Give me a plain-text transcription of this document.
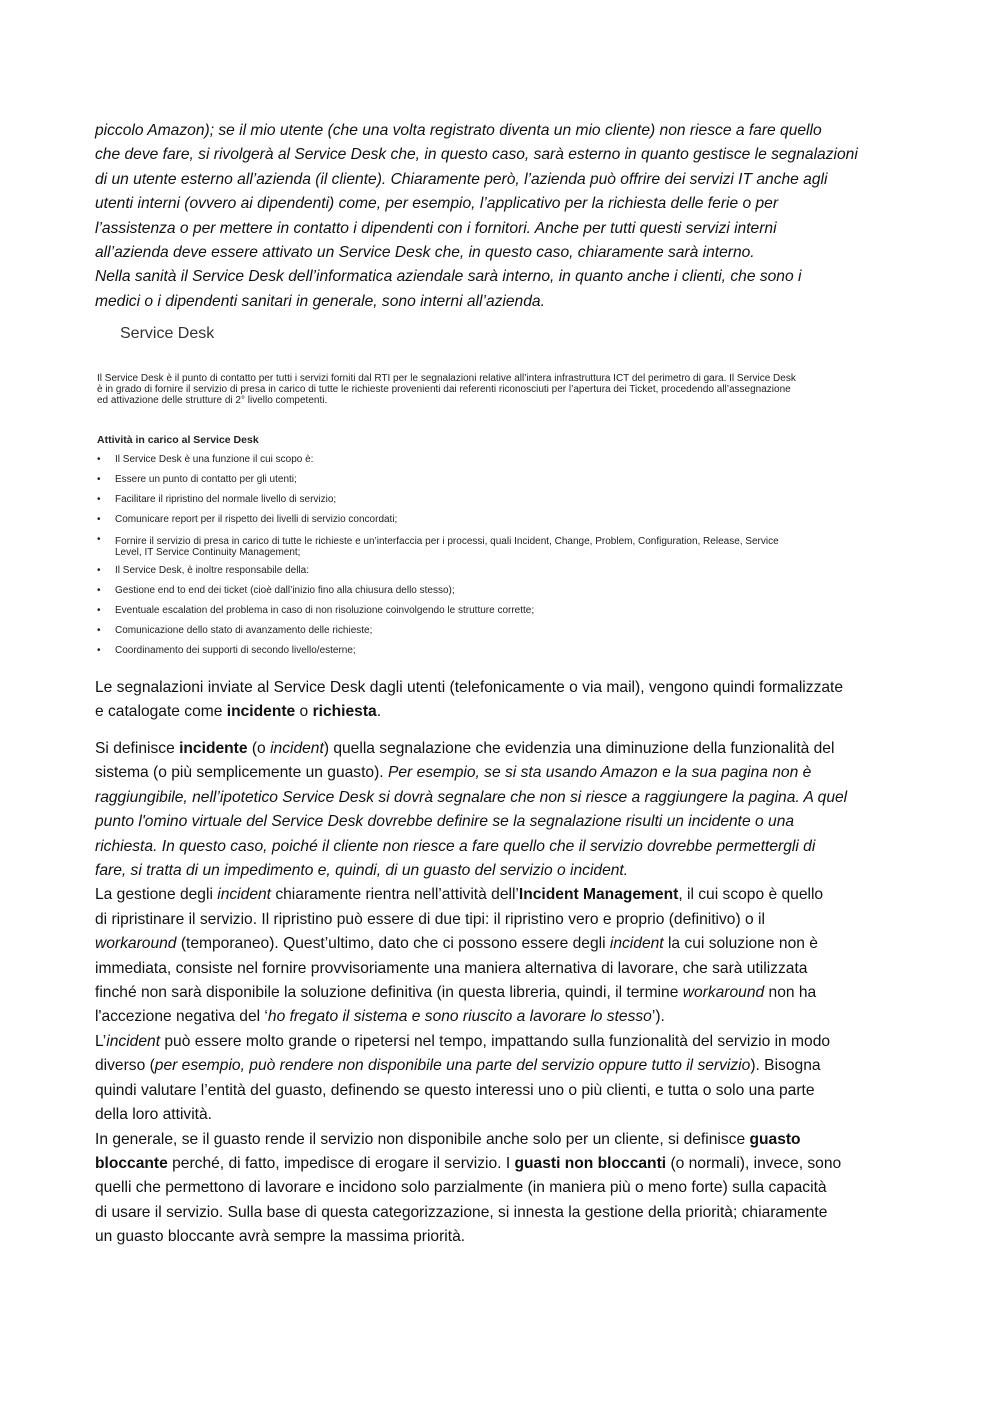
piccolo Amazon); se il mio utente (che una volta registrato diventa un mio cliente) non riesce a fare quello

che deve fare, si rivolgerà al Service Desk che, in questo caso, sarà esterno in quanto gestisce le segnalazioni

di un utente esterno all’azienda (il cliente). Chiaramente però, l’azienda può offrire dei servizi IT anche agli

utenti interni (ovvero ai dipendenti) come, per esempio, l’applicativo per la richiesta delle ferie o per

l’assistenza o per mettere in contatto i dipendenti con i fornitori. Anche per tutti questi servizi interni

all’azienda deve essere attivato un Service Desk che, in questo caso, chiaramente sarà interno.

Nella sanità il Service Desk dell’informatica aziendale sarà interno, in quanto anche i clienti, che sono i

medici o i dipendenti sanitari in generale, sono interni all’azienda.

Service Desk
Il Service Desk è il punto di contatto per tutti i servizi forniti dal RTI per le segnalazioni relative all’intera infrastruttura ICT del perimetro di gara. Il Service Desk
è in grado di fornire il servizio di presa in carico di tutte le richieste provenienti dai referenti riconosciuti per l’apertura dei Ticket, procedendo all’assegnazione
ed attivazione delle strutture di 2° livello competenti.
Attività in carico al Service Desk
• Il Service Desk è una funzione il cui scopo è:
• Essere un punto di contatto per gli utenti;
• Facilitare il ripristino del normale livello di servizio;
• Comunicare report per il rispetto dei livelli di servizio concordati;
• Fornire il servizio di presa in carico di tutte le richieste e un’interfaccia per i processi, quali Incident, Change, Problem, Configuration, Release, Service
Level, IT Service Continuity Management;
• Il Service Desk, è inoltre responsabile della:
• Gestione end to end dei ticket (cioè dall’inizio fino alla chiusura dello stesso);
• Eventuale escalation del problema in caso di non risoluzione coinvolgendo le strutture corrette;
• Comunicazione dello stato di avanzamento delle richieste;
• Coordinamento dei supporti di secondo livello/esterne;

Le segnalazioni inviate al Service Desk dagli utenti (telefonicamente o via mail), vengono quindi formalizzate

e catalogate come incidente o richiesta.

Si definisce incidente (o incident) quella segnalazione che evidenzia una diminuzione della funzionalità del

sistema (o più semplicemente un guasto). Per esempio, se si sta usando Amazon e la sua pagina non è

raggiungibile, nell’ipotetico Service Desk si dovrà segnalare che non si riesce a raggiungere la pagina. A quel

punto l'omino virtuale del Service Desk dovrebbe definire se la segnalazione risulti un incidente o una

richiesta. In questo caso, poiché il cliente non riesce a fare quello che il servizio dovrebbe permettergli di

fare, si tratta di un impedimento e, quindi, di un guasto del servizio o incident.

La gestione degli incident chiaramente rientra nell’attività dell’Incident Management, il cui scopo è quello

di ripristinare il servizio. Il ripristino può essere di due tipi: il ripristino vero e proprio (definitivo) o il

workaround (temporaneo). Quest’ultimo, dato che ci possono essere degli incident la cui soluzione non è

immediata, consiste nel fornire provvisoriamente una maniera alternativa di lavorare, che sarà utilizzata

finché non sarà disponibile la soluzione definitiva (in questa libreria, quindi, il termine workaround non ha

l'accezione negativa del ‘ho fregato il sistema e sono riuscito a lavorare lo stesso’).

L’incident può essere molto grande o ripetersi nel tempo, impattando sulla funzionalità del servizio in modo

diverso (per esempio, può rendere non disponibile una parte del servizio oppure tutto il servizio). Bisogna

quindi valutare l’entità del guasto, definendo se questo interessi uno o più clienti, e tutta o solo una parte

della loro attività.

In generale, se il guasto rende il servizio non disponibile anche solo per un cliente, si definisce guasto

bloccante perché, di fatto, impedisce di erogare il servizio. I guasti non bloccanti (o normali), invece, sono

quelli che permettono di lavorare e incidono solo parzialmente (in maniera più o meno forte) sulla capacità

di usare il servizio. Sulla base di questa categorizzazione, si innesta la gestione della priorità; chiaramente

un guasto bloccante avrà sempre la massima priorità.
